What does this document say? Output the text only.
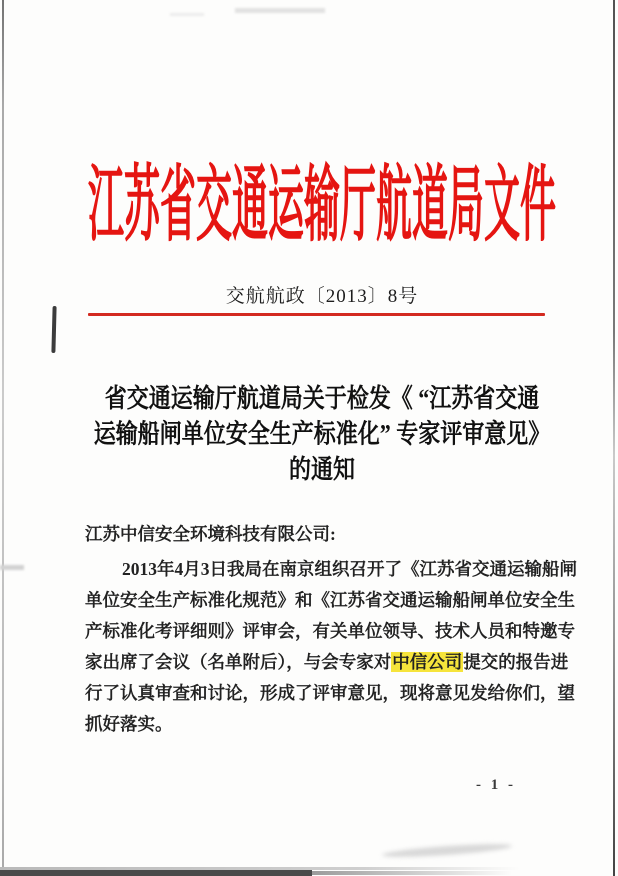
江苏省交通运输厅航道局文件
交航航政〔2013〕8号
省交通运输厅航道局关于检发《 “江苏省交通
运输船闸单位安全生产标准化” 专家评审意见》
的通知
江苏中信安全环境科技有限公司:
2013年4月3日我局在南京组织召开了《江苏省交通运输船闸
单位安全生产标准化规范》和《江苏省交通运输船闸单位安全生
产标准化考评细则》评审会，有关单位领导、技术人员和特邀专
家出席了会议（名单附后），与会专家对中信公司提交的报告进
行了认真审查和讨论，形成了评审意见，现将意见发给你们，望
抓好落实。
- 1 -
